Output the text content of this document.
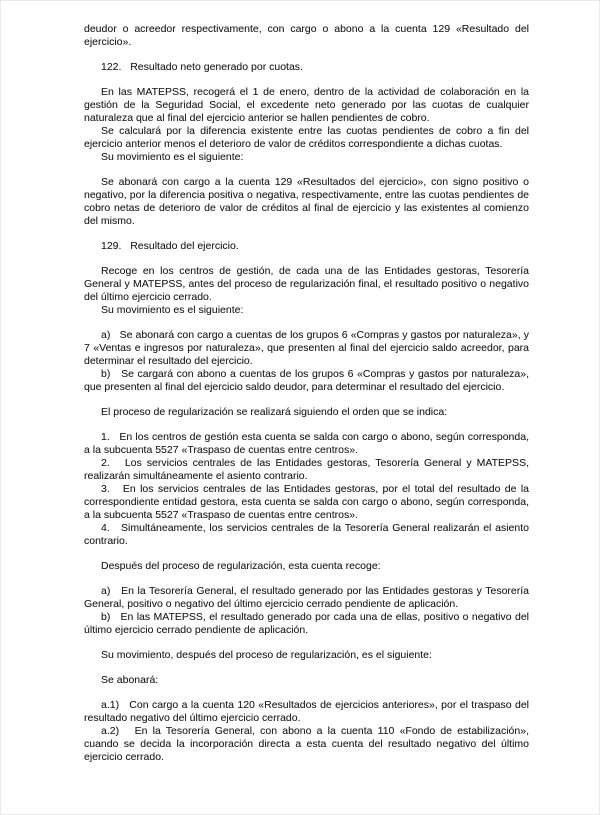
deudor o acreedor respectivamente, con cargo o abono a la cuenta 129 «Resultado del ejercicio».

122.   Resultado neto generado por cuotas.

En las MATEPSS, recogerá el 1 de enero, dentro de la actividad de colaboración en la gestión de la Seguridad Social, el excedente neto generado por las cuotas de cualquier naturaleza que al final del ejercicio anterior se hallen pendientes de cobro.

Se calculará por la diferencia existente entre las cuotas pendientes de cobro a fin del ejercicio anterior menos el deterioro de valor de créditos correspondiente a dichas cuotas.

Su movimiento es el siguiente:

Se abonará con cargo a la cuenta 129 «Resultados del ejercicio», con signo positivo o negativo, por la diferencia positiva o negativa, respectivamente, entre las cuotas pendientes de cobro netas de deterioro de valor de créditos al final de ejercicio y las existentes al comienzo del mismo.

129.   Resultado del ejercicio.

Recoge en los centros de gestión, de cada una de las Entidades gestoras, Tesorería General y MATEPSS, antes del proceso de regularización final, el resultado positivo o negativo del último ejercicio cerrado.

Su movimiento es el siguiente:

a)   Se abonará con cargo a cuentas de los grupos 6 «Compras y gastos por naturaleza», y 7 «Ventas e ingresos por naturaleza», que presenten al final del ejercicio saldo acreedor, para determinar el resultado del ejercicio.

b)   Se cargará con abono a cuentas de los grupos 6 «Compras y gastos por naturaleza», que presenten al final del ejercicio saldo deudor, para determinar el resultado del ejercicio.

El proceso de regularización se realizará siguiendo el orden que se indica:

1.   En los centros de gestión esta cuenta se salda con cargo o abono, según corresponda, a la subcuenta 5527 «Traspaso de cuentas entre centros».

2.   Los servicios centrales de las Entidades gestoras, Tesorería General y MATEPSS, realizarán simultáneamente el asiento contrario.

3.   En los servicios centrales de las Entidades gestoras, por el total del resultado de la correspondiente entidad gestora, esta cuenta se salda con cargo o abono, según corresponda, a la subcuenta 5527 «Traspaso de cuentas entre centros».

4.   Simultáneamente, los servicios centrales de la Tesorería General realizarán el asiento contrario.

Después del proceso de regularización, esta cuenta recoge:

a)   En la Tesorería General, el resultado generado por las Entidades gestoras y Tesorería General, positivo o negativo del último ejercicio cerrado pendiente de aplicación.

b)   En las MATEPSS, el resultado generado por cada una de ellas, positivo o negativo del último ejercicio cerrado pendiente de aplicación.

Su movimiento, después del proceso de regularización, es el siguiente:

Se abonará:

a.1)   Con cargo a la cuenta 120 «Resultados de ejercicios anteriores», por el traspaso del resultado negativo del último ejercicio cerrado.

a.2)   En la Tesorería General, con abono a la cuenta 110 «Fondo de estabilización», cuando se decida la incorporación directa a esta cuenta del resultado negativo del último ejercicio cerrado.
